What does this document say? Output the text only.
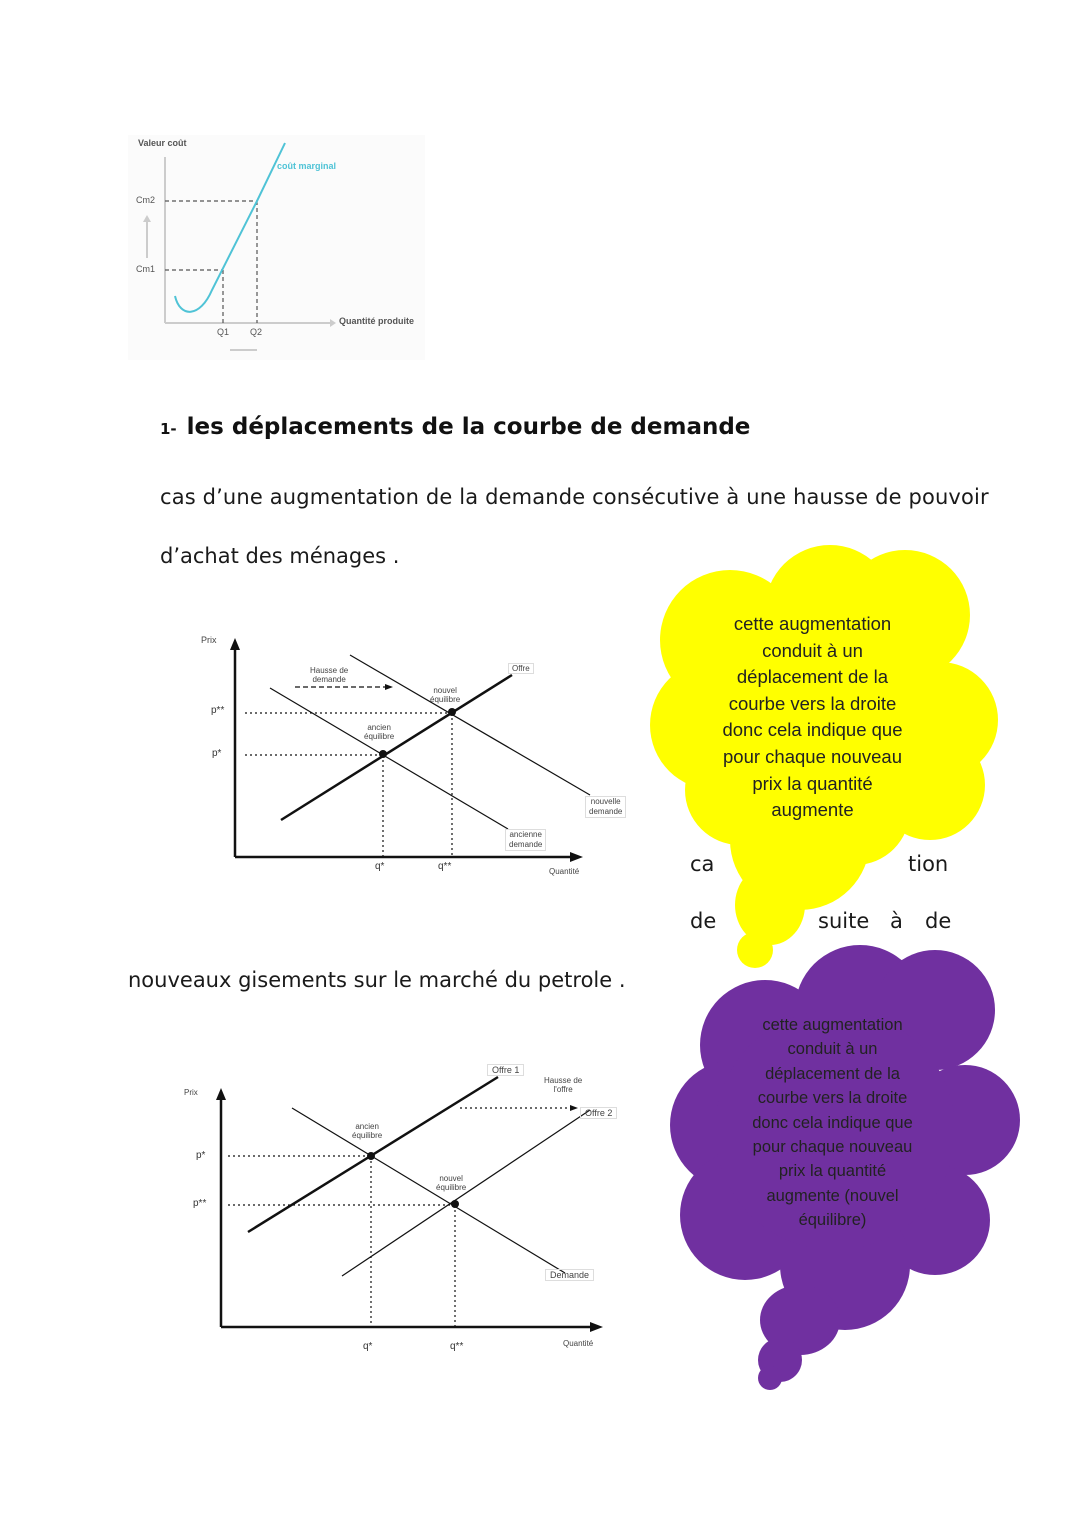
Valeur coût
coût marginal
Cm2
Cm1
Q1 Q2
Quantité produite
1- les déplacements de la courbe de demande
cas d’une augmentation de la demande consécutive à une hausse de pouvoir
d’achat des ménages .
Prix
Hausse de
demande
Offre
nouvel
équilibre
ancien
équilibre
nouvelle
demande
ancienne
demande
p**
p*
q*	q**	Quantité
de	suite à de
nouveaux gisements sur le marché du petrole .
Prix
Offre 1
Hausse de
l'offre
Offre 2
ancien
équilibre
nouvel
équilibre
Demande
p*
p**
q*	q**	Quantité
ca	tion
cette augmentation
conduit à un
déplacement de la
courbe vers la droite
donc cela indique que
pour chaque nouveau
prix la quantité
augmente
cette augmentation
conduit à un
déplacement de la
courbe vers la droite
donc cela indique que
pour chaque nouveau
prix la quantité
augmente (nouvel
équilibre)
